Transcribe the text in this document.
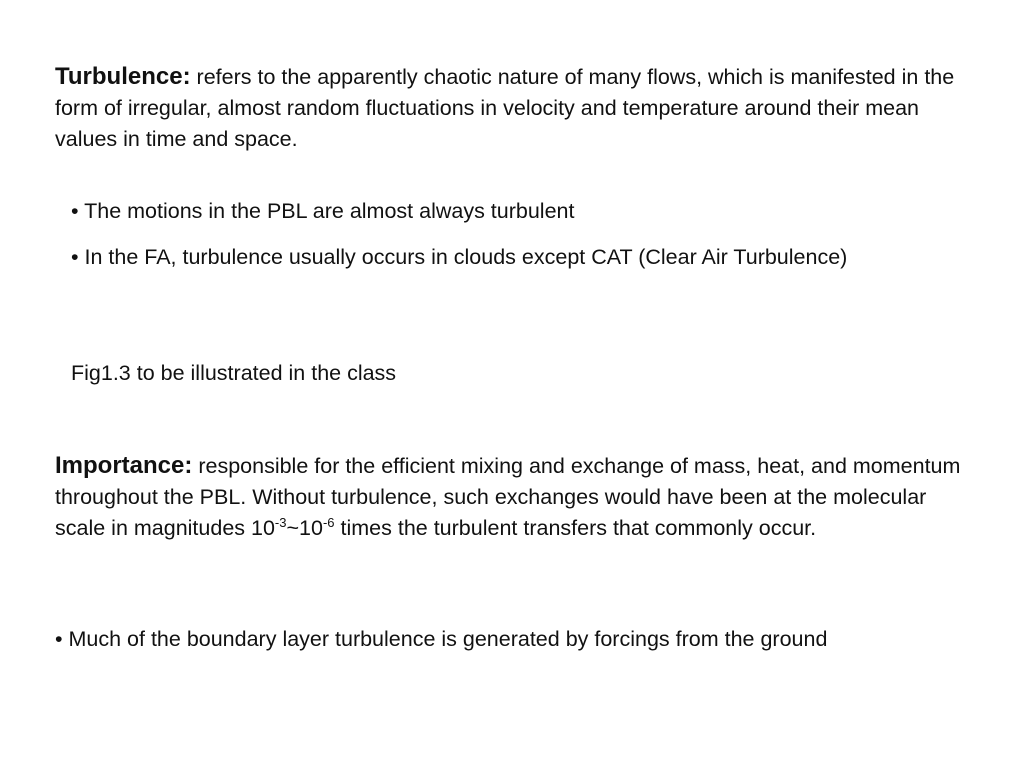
Turbulence: refers to the apparently chaotic nature of many flows, which is manifested in the form of irregular, almost random fluctuations in velocity and temperature around their mean values in time and space.

• The motions in the PBL are almost always turbulent

• In the FA, turbulence usually occurs in clouds except CAT (Clear Air Turbulence)

Fig1.3 to be illustrated in the class

Importance: responsible for the efficient mixing and exchange of mass, heat, and momentum throughout the PBL. Without turbulence, such exchanges would have been at the molecular scale in magnitudes $10^{-3}\sim 10^{-6}$ times the turbulent transfers that commonly occur.

• Much of the boundary layer turbulence is generated by forcings from the ground
